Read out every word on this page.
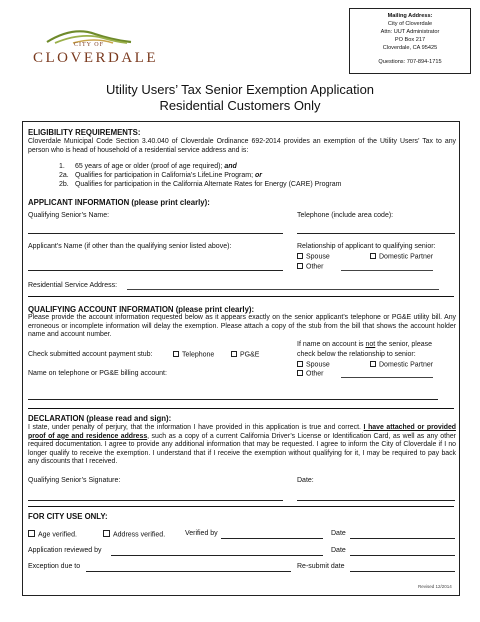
CITY OF
CLOVERDALE
Mailing Address:
City of Cloverdale
Attn: UUT Administrator
PO Box 217
Cloverdale, CA 95425
Questions: 707-894-1715
Utility Users’ Tax Senior Exemption Application
Residential Customers Only
ELIGIBILITY REQUIREMENTS:
Cloverdale Municipal Code Section 3.40.040 of Cloverdale Ordinance 692-2014 provides an exemption of the Utility Users’ Tax to any person who is head of household of a residential service address and is:
1. 65 years of age or older (proof of age required); and
2a. Qualifies for participation in California’s LifeLine Program; or
2b. Qualifies for participation in the California Alternate Rates for Energy (CARE) Program
APPLICANT INFORMATION (please print clearly):
Qualifying Senior’s Name:	Telephone (include area code):
Applicant’s Name (if other than the qualifying senior listed above):	Relationship of applicant to qualifying senior:
Spouse	Domestic Partner
Other
Residential Service Address:
QUALIFYING ACCOUNT INFORMATION (please print clearly):
Please provide the account information requested below as it appears exactly on the senior applicant’s telephone or PG&E utility bill. Any erroneous or incomplete information will delay the exemption. Please attach a copy of the stub from the bill that shows the account holder name and account number.
If name on account is not the senior, please
Check submitted account payment stub:	Telephone	PG&E	check below the relationship to senior:
Spouse	Domestic Partner
Name on telephone or PG&E billing account:	Other
DECLARATION (please read and sign):
I state, under penalty of perjury, that the information I have provided in this application is true and correct. I have attached or provided proof of age and residence address, such as a copy of a current California Driver’s License or Identification Card, as well as any other required documentation. I agree to provide any additional information that may be requested. I agree to inform the City of Cloverdale if I no longer qualify to receive the exemption. I understand that if I receive the exemption without qualifying for it, I may be required to pay back any discounts that I received.
Qualifying Senior’s Signature:	Date:
FOR CITY USE ONLY:
Age verified.	Address verified.	Verified by	Date
Application reviewed by	Date
Exception due to	Re-submit date
Revised 12/2014
